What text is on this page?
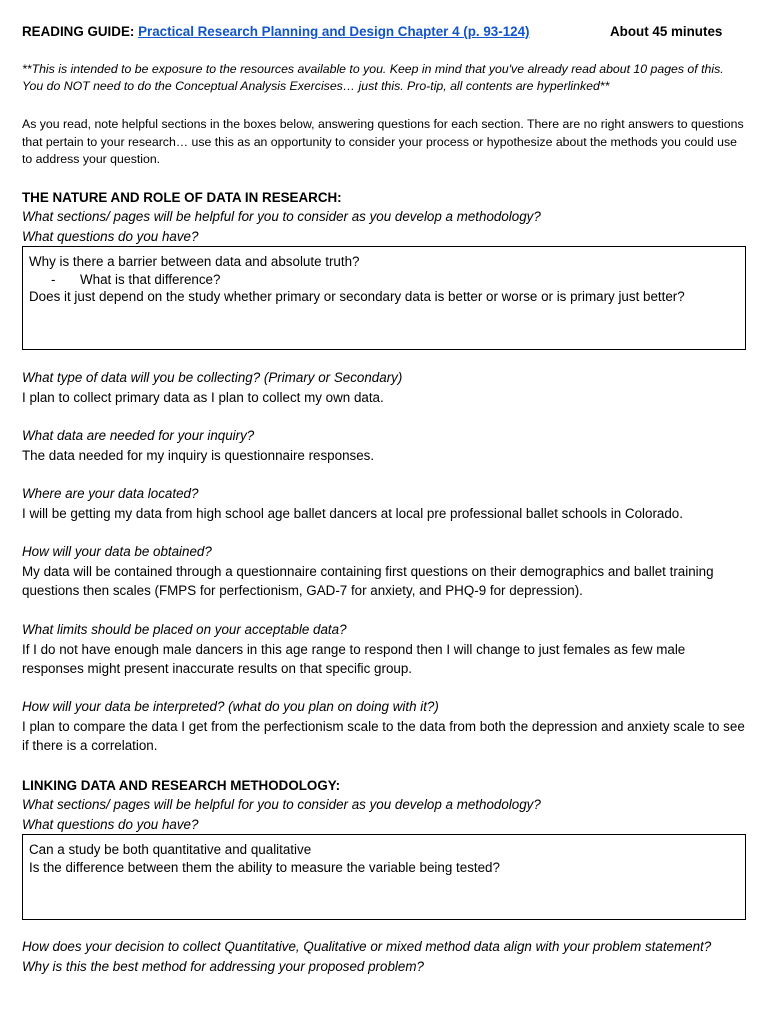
READING GUIDE: Practical Research Planning and Design Chapter 4 (p. 93-124)	About 45 minutes
**This is intended to be exposure to the resources available to you. Keep in mind that you've already read about 10 pages of this. You do NOT need to do the Conceptual Analysis Exercises… just this. Pro-tip, all contents are hyperlinked**
As you read, note helpful sections in the boxes below, answering questions for each section. There are no right answers to questions that pertain to your research… use this as an opportunity to consider your process or hypothesize about the methods you could use to address your question.
THE NATURE AND ROLE OF DATA IN RESEARCH:
What sections/ pages will be helpful for you to consider as you develop a methodology?
What questions do you have?
Why is there a barrier between data and absolute truth?
- What is that difference?
Does it just depend on the study whether primary or secondary data is better or worse or is primary just better?
What type of data will you be collecting? (Primary or Secondary)
I plan to collect primary data as I plan to collect my own data.
What data are needed for your inquiry?
The data needed for my inquiry is questionnaire responses.
Where are your data located?
I will be getting my data from high school age ballet dancers at local pre professional ballet schools in Colorado.
How will your data be obtained?
My data will be contained through a questionnaire containing first questions on their demographics and ballet training questions then scales (FMPS for perfectionism, GAD-7 for anxiety, and PHQ-9 for depression).
What limits should be placed on your acceptable data?
If I do not have enough male dancers in this age range to respond then I will change to just females as few male responses might present inaccurate results on that specific group.
How will your data be interpreted? (what do you plan on doing with it?)
I plan to compare the data I get from the perfectionism scale to the data from both the depression and anxiety scale to see if there is a correlation.
LINKING DATA AND RESEARCH METHODOLOGY:
What sections/ pages will be helpful for you to consider as you develop a methodology?
What questions do you have?
Can a study be both quantitative and qualitative
Is the difference between them the ability to measure the variable being tested?
How does your decision to collect Quantitative, Qualitative or mixed method data align with your problem statement?
Why is this the best method for addressing your proposed problem?
